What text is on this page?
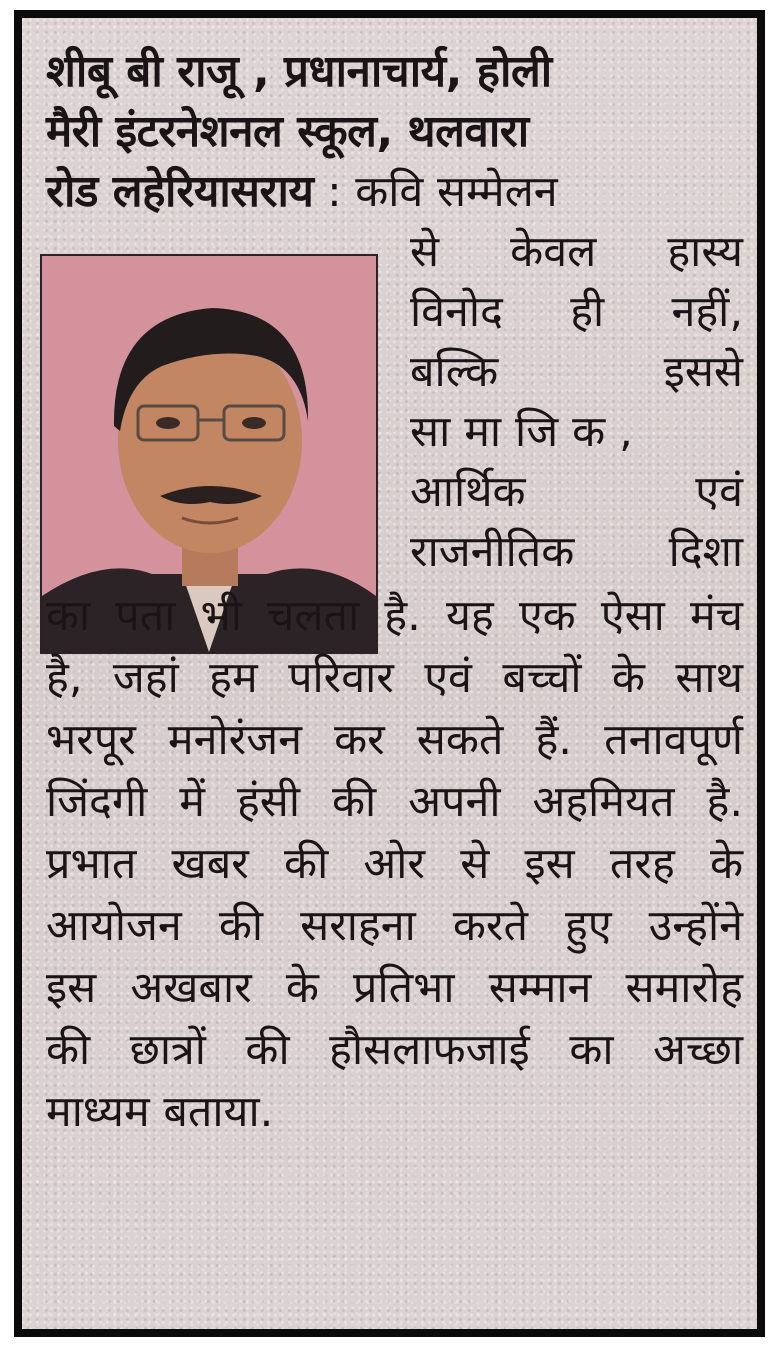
शीबू बी राजू , प्रधानाचार्य, होली
मैरी इंटरनेशनल स्कूल, थलवारा
रोड लहेरियासराय : कवि सम्मेलन
से केवल हास्य
विनोद ही नहीं,
बल्कि इससे
सामाजिक,
आर्थिक एवं
राजनीतिक दिशा
का पता भी चलता है. यह एक ऐसा मंच
है, जहां हम परिवार एवं बच्चों के साथ
भरपूर मनोरंजन कर सकते हैं. तनावपूर्ण
जिंदगी में हंसी की अपनी अहमियत है.
प्रभात खबर की ओर से इस तरह के
आयोजन की सराहना करते हुए उन्होंने
इस अखबार के प्रतिभा सम्मान समारोह
की छात्रों की हौसलाफजाई का अच्छा
माध्यम बताया.
